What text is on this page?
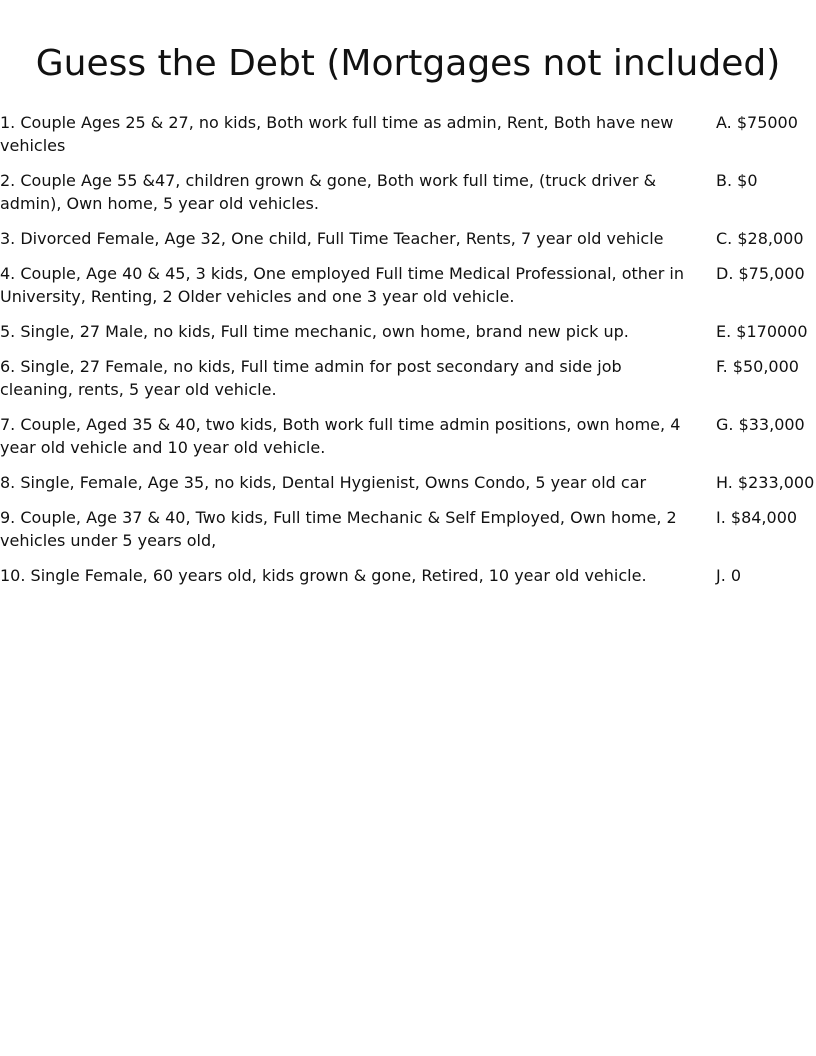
Guess the Debt (Mortgages not included)
1. Couple Ages 25 & 27, no kids, Both work full time as admin, Rent, Both have new vehicles
A. $75000
2. Couple Age 55 &47, children grown & gone, Both work full time, (truck driver & admin), Own home, 5 year old vehicles.
B. $0
3. Divorced Female, Age 32, One child, Full Time Teacher, Rents, 7 year old vehicle	C. $28,000
4. Couple, Age 40 & 45, 3 kids, One employed Full time Medical Professional, other in University, Renting, 2 Older vehicles and one 3 year old vehicle.
D. $75,000
5. Single, 27 Male, no kids, Full time mechanic, own home, brand new pick up.	E. $170000
6. Single, 27 Female, no kids, Full time admin for post secondary and side job cleaning, rents, 5 year old vehicle.
F. $50,000
7. Couple, Aged 35 & 40, two kids, Both work full time admin positions, own home, 4 year old vehicle and 10 year old vehicle.
G. $33,000
8. Single, Female, Age 35, no kids, Dental Hygienist, Owns Condo, 5 year old car	H. $233,000
9. Couple, Age 37 & 40, Two kids, Full time Mechanic & Self Employed, Own home, 2 vehicles under 5 years old,
I. $84,000
10. Single Female, 60 years old, kids grown & gone, Retired, 10 year old vehicle.	J. 0
